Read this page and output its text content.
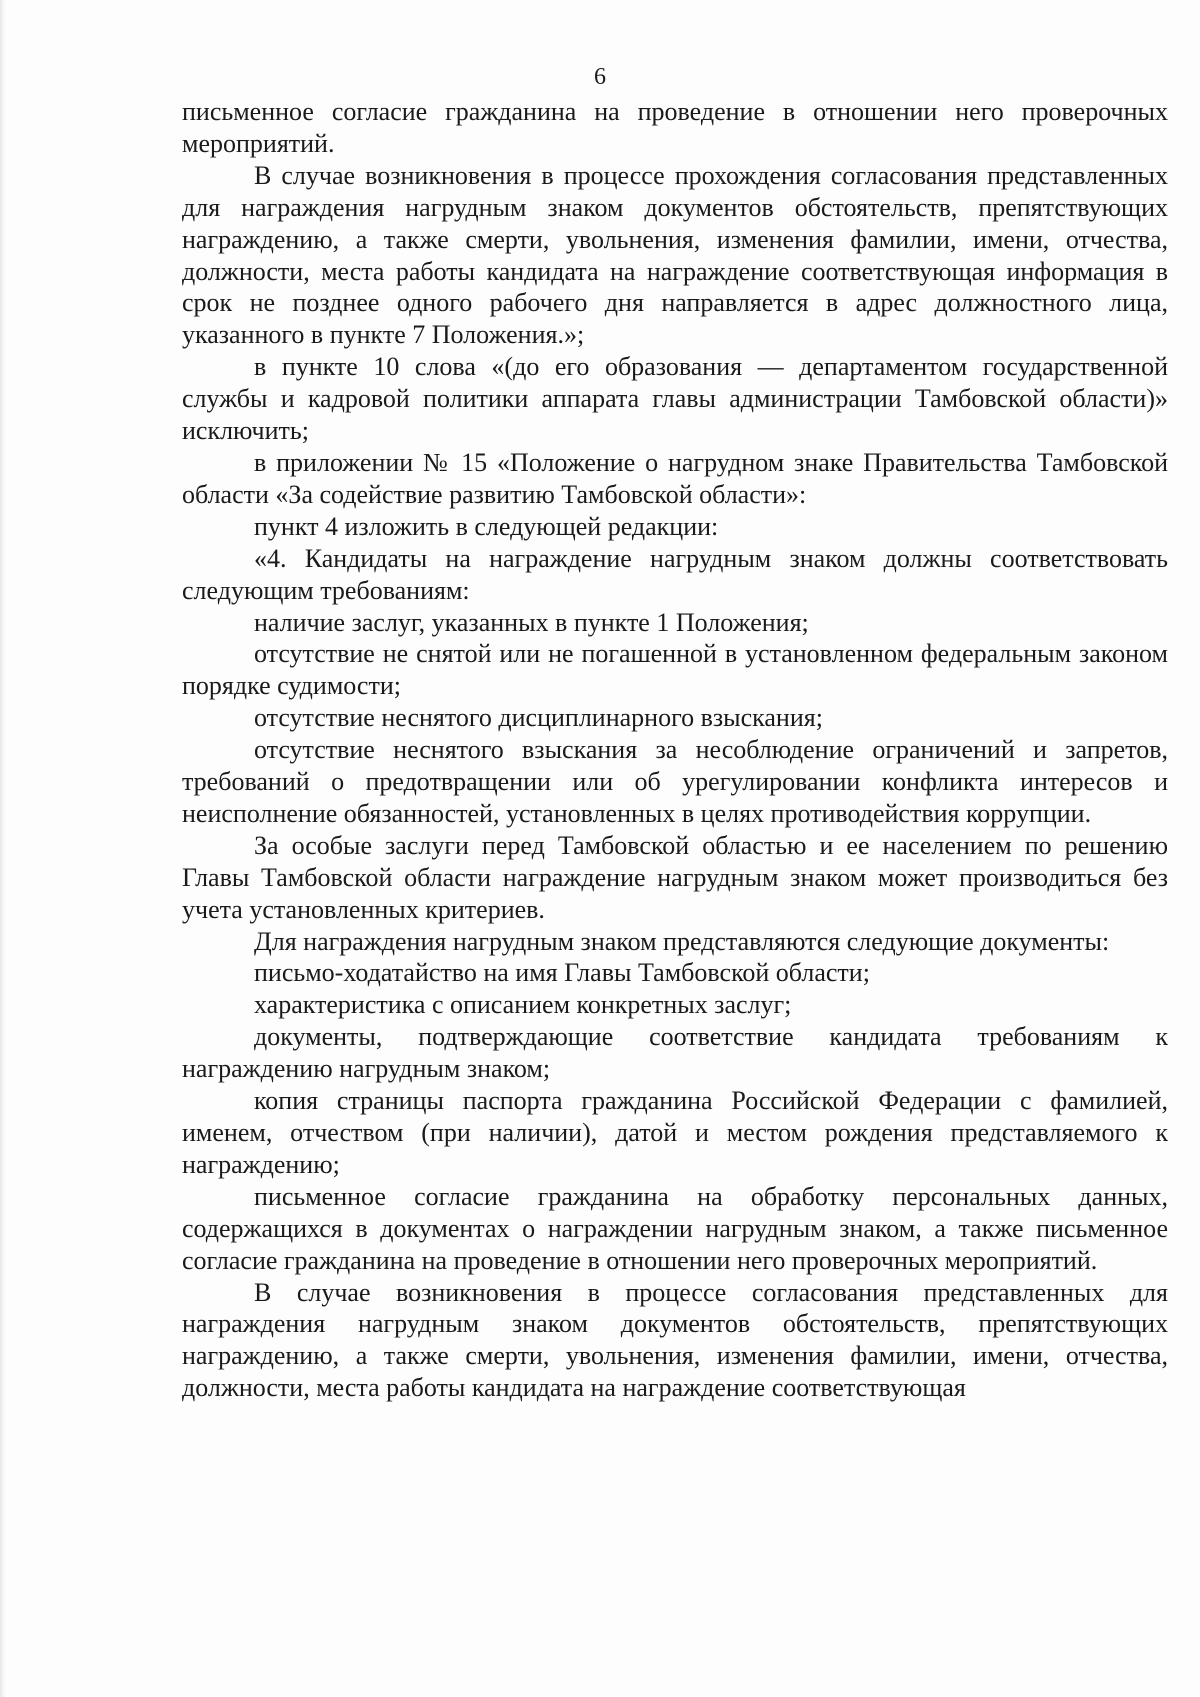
6

письменное согласие гражданина на проведение в отношении него проверочных мероприятий.

В случае возникновения в процессе прохождения согласования представленных для награждения нагрудным знаком документов обстоятельств, препятствующих награждению, а также смерти, увольнения, изменения фамилии, имени, отчества, должности, места работы кандидата на награждение соответствующая информация в срок не позднее одного рабочего дня направляется в адрес должностного лица, указанного в пункте 7 Положения.»;

в пункте 10 слова «(до его образования — департаментом государственной службы и кадровой политики аппарата главы администрации Тамбовской области)» исключить;

в приложении № 15 «Положение о нагрудном знаке Правительства Тамбовской области «За содействие развитию Тамбовской области»:

пункт 4 изложить в следующей редакции:

«4. Кандидаты на награждение нагрудным знаком должны соответствовать следующим требованиям:

наличие заслуг, указанных в пункте 1 Положения;

отсутствие не снятой или не погашенной в установленном федеральным законом порядке судимости;

отсутствие неснятого дисциплинарного взыскания;

отсутствие неснятого взыскания за несоблюдение ограничений и запретов, требований о предотвращении или об урегулировании конфликта интересов и неисполнение обязанностей, установленных в целях противодействия коррупции.

За особые заслуги перед Тамбовской областью и ее населением по решению Главы Тамбовской области награждение нагрудным знаком может производиться без учета установленных критериев.

Для награждения нагрудным знаком представляются следующие документы:

письмо-ходатайство на имя Главы Тамбовской области;

характеристика с описанием конкретных заслуг;

документы, подтверждающие соответствие кандидата требованиям к награждению нагрудным знаком;

копия страницы паспорта гражданина Российской Федерации с фамилией, именем, отчеством (при наличии), датой и местом рождения представляемого к награждению;

письменное согласие гражданина на обработку персональных данных, содержащихся в документах о награждении нагрудным знаком, а также письменное согласие гражданина на проведение в отношении него проверочных мероприятий.

В случае возникновения в процессе согласования представленных для награждения нагрудным знаком документов обстоятельств, препятствующих награждению, а также смерти, увольнения, изменения фамилии, имени, отчества, должности, места работы кандидата на награждение соответствующая
